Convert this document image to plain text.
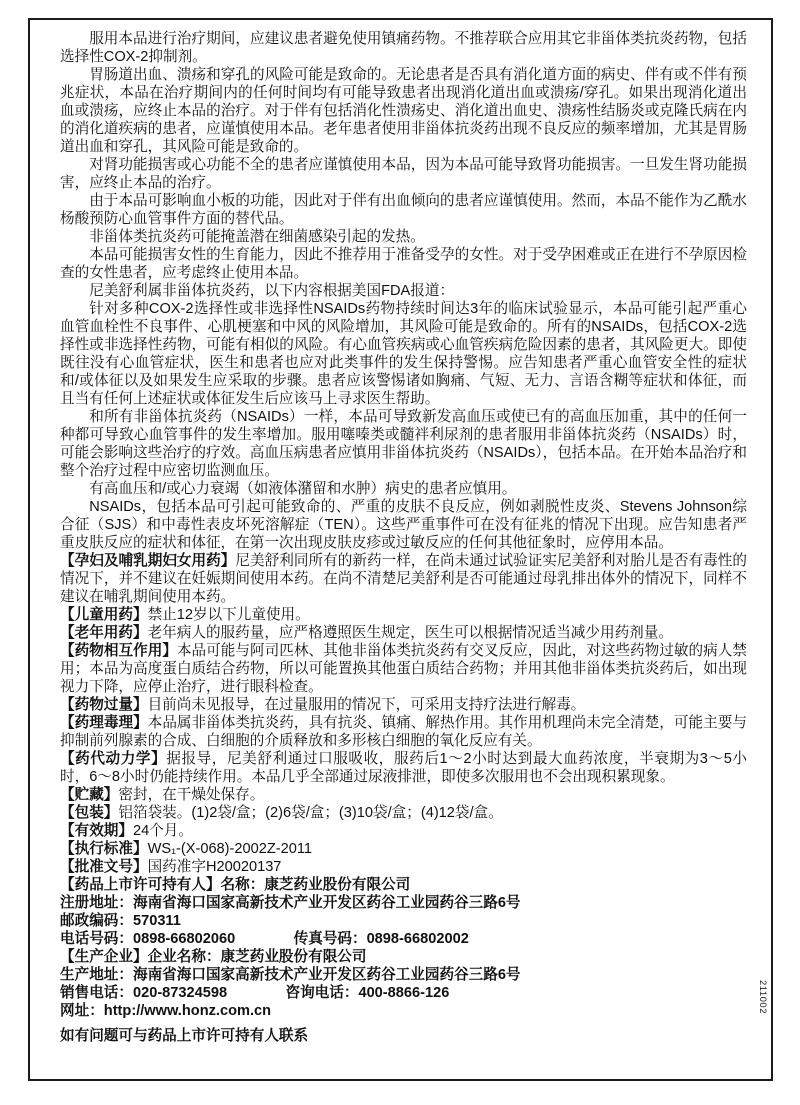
服用本品进行治疗期间，应建议患者避免使用镇痛药物。不推荐联合应用其它非甾体类抗炎药物，包括选择性COX-2抑制剂。

胃肠道出血、溃疡和穿孔的风险可能是致命的。无论患者是否具有消化道方面的病史、伴有或不伴有预兆症状，本品在治疗期间内的任何时间均有可能导致患者出现消化道出血或溃疡/穿孔。如果出现消化道出血或溃疡，应终止本品的治疗。对于伴有包括消化性溃疡史、消化道出血史、溃疡性结肠炎或克隆氏病在内的消化道疾病的患者，应谨慎使用本品。老年患者使用非甾体抗炎药出现不良反应的频率增加，尤其是胃肠道出血和穿孔，其风险可能是致命的。

对肾功能损害或心功能不全的患者应谨慎使用本品，因为本品可能导致肾功能损害。一旦发生肾功能损害，应终止本品的治疗。

由于本品可影响血小板的功能，因此对于伴有出血倾向的患者应谨慎使用。然而，本品不能作为乙酰水杨酸预防心血管事件方面的替代品。

非甾体类抗炎药可能掩盖潜在细菌感染引起的发热。

本品可能损害女性的生育能力，因此不推荐用于准备受孕的女性。对于受孕困难或正在进行不孕原因检查的女性患者，应考虑终止使用本品。

尼美舒利属非甾体抗炎药，以下内容根据美国FDA报道：

针对多种COX-2选择性或非选择性NSAIDs药物持续时间达3年的临床试验显示，本品可能引起严重心血管血栓性不良事件、心肌梗塞和中风的风险增加，其风险可能是致命的。所有的NSAIDs，包括COX-2选择性或非选择性药物，可能有相似的风险。有心血管疾病或心血管疾病危险因素的患者，其风险更大。即使既往没有心血管症状，医生和患者也应对此类事件的发生保持警惕。应告知患者严重心血管安全性的症状和/或体征以及如果发生应采取的步骤。患者应该警惕诸如胸痛、气短、无力、言语含糊等症状和体征，而且当有任何上述症状或体征发生后应该马上寻求医生帮助。

和所有非甾体抗炎药（NSAIDs）一样，本品可导致新发高血压或使已有的高血压加重，其中的任何一种都可导致心血管事件的发生率增加。服用噻嗪类或髓袢利尿剂的患者服用非甾体抗炎药（NSAIDs）时，可能会影响这些治疗的疗效。高血压病患者应慎用非甾体抗炎药（NSAIDs），包括本品。在开始本品治疗和整个治疗过程中应密切监测血压。

有高血压和/或心力衰竭（如液体潴留和水肿）病史的患者应慎用。

NSAIDs，包括本品可引起可能致命的、严重的皮肤不良反应，例如剥脱性皮炎、Stevens Johnson综合征（SJS）和中毒性表皮坏死溶解症（TEN）。这些严重事件可在没有征兆的情况下出现。应告知患者严重皮肤反应的症状和体征，在第一次出现皮肤皮疹或过敏反应的任何其他征象时，应停用本品。

【孕妇及哺乳期妇女用药】尼美舒利同所有的新药一样，在尚未通过试验证实尼美舒利对胎儿是否有毒性的情况下，并不建议在妊娠期间使用本药。在尚不清楚尼美舒利是否可能通过母乳排出体外的情况下，同样不建议在哺乳期间使用本药。

【儿童用药】禁止12岁以下儿童使用。

【老年用药】老年病人的服药量，应严格遵照医生规定，医生可以根据情况适当减少用药剂量。

【药物相互作用】本品可能与阿司匹林、其他非甾体类抗炎药有交叉反应，因此，对这些药物过敏的病人禁用；本品为高度蛋白质结合药物，所以可能置换其他蛋白质结合药物；并用其他非甾体类抗炎药后，如出现视力下降，应停止治疗，进行眼科检查。

【药物过量】目前尚未见报导，在过量服用的情况下，可采用支持疗法进行解毒。

【药理毒理】本品属非甾体类抗炎药，具有抗炎、镇痛、解热作用。其作用机理尚未完全清楚，可能主要与抑制前列腺素的合成、白细胞的介质释放和多形核白细胞的氧化反应有关。

【药代动力学】据报导，尼美舒利通过口服吸收，服药后1～2小时达到最大血药浓度，半衰期为3～5小时，6～8小时仍能持续作用。本品几乎全部通过尿液排泄，即使多次服用也不会出现积累现象。

【贮藏】密封，在干燥处保存。

【包装】铝箔袋装。(1)2袋/盒；(2)6袋/盒；(3)10袋/盒；(4)12袋/盒。

【有效期】24个月。

【执行标准】WS₁-(X-068)-2002Z-2011

【批准文号】国药准字H20020137

【药品上市许可持有人】名称：康芝药业股份有限公司

注册地址：海南省海口国家高新技术产业开发区药谷工业园药谷三路6号

邮政编码：570311

电话号码：0898-66802060　　　　传真号码：0898-66802002

【生产企业】企业名称：康芝药业股份有限公司

生产地址：海南省海口国家高新技术产业开发区药谷工业园药谷三路6号

销售电话：020-87324598　　　　咨询电话：400-8866-126

网址：http://www.honz.com.cn

如有问题可与药品上市许可持有人联系

211002
